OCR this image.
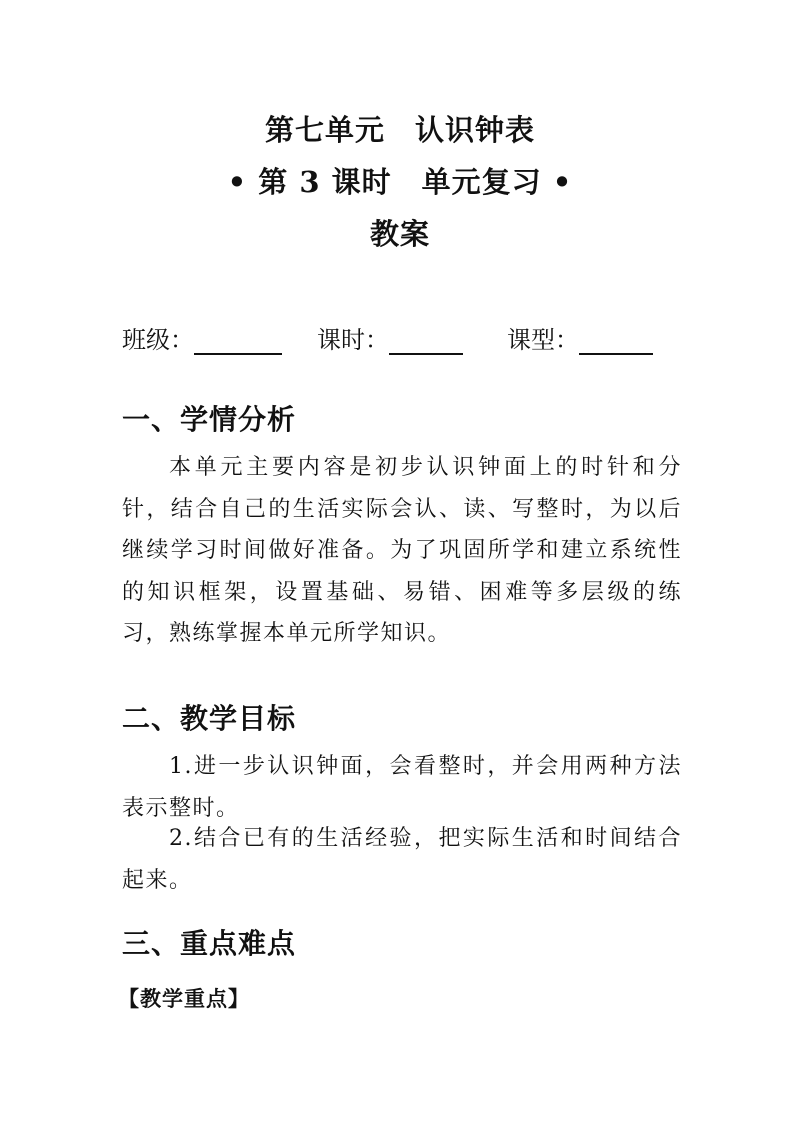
第七单元　认识钟表
• 第 3 课时　单元复习 •
教案
班级：	课时：	课型：
一、学情分析
本单元主要内容是初步认识钟面上的时针和分针，结合自己的生活实际会认、读、写整时，为以后继续学习时间做好准备。为了巩固所学和建立系统性的知识框架，设置基础、易错、困难等多层级的练习，熟练掌握本单元所学知识。
二、教学目标
1.进一步认识钟面，会看整时，并会用两种方法表示整时。
2.结合已有的生活经验，把实际生活和时间结合起来。
三、重点难点
【教学重点】
